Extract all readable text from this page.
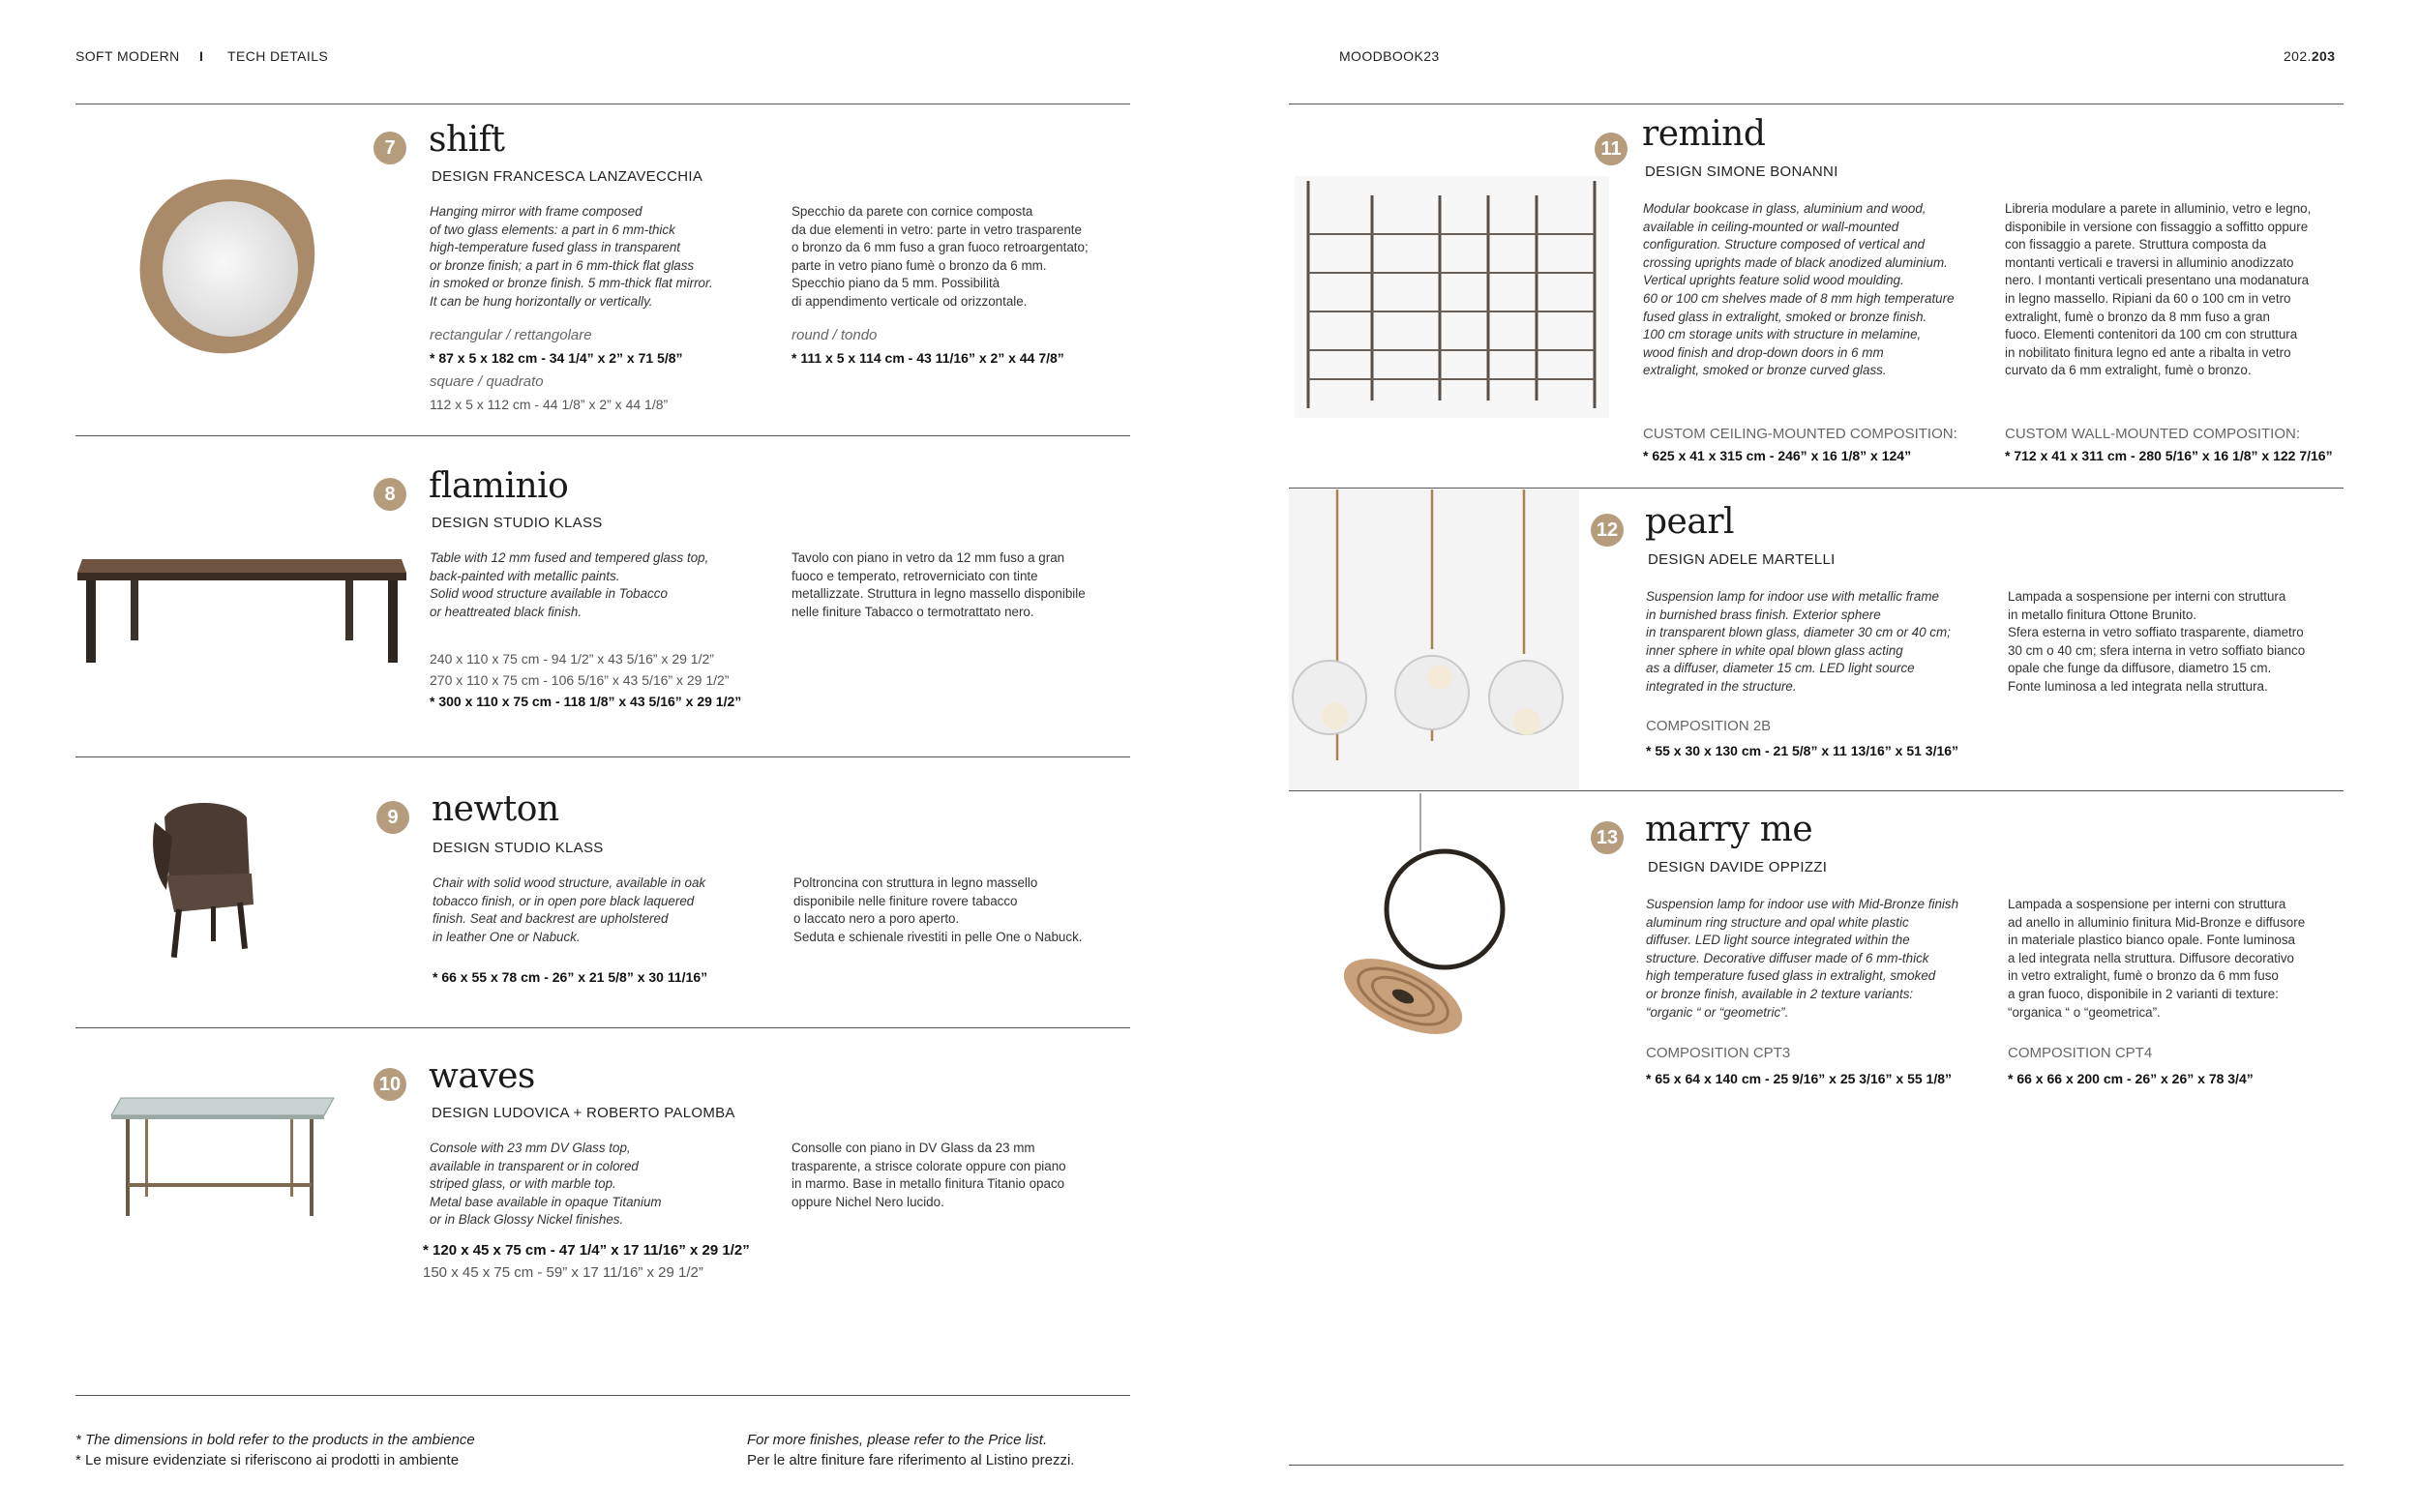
SOFT MODERN I TECH DETAILS	MOODBOOK23	202.203
7 shift
DESIGN FRANCESCA LANZAVECCHIA
Hanging mirror with frame composed
of two glass elements: a part in 6 mm-thick
high-temperature fused glass in transparent
or bronze finish; a part in 6 mm-thick flat glass
in smoked or bronze finish. 5 mm-thick flat mirror.
It can be hung horizontally or vertically.
Specchio da parete con cornice composta
da due elementi in vetro: parte in vetro trasparente
o bronzo da 6 mm fuso a gran fuoco retroargentato;
parte in vetro piano fumè o bronzo da 6 mm.
Specchio piano da 5 mm. Possibilità
di appendimento verticale od orizzontale.
rectangular / rettangolare
* 87 x 5 x 182 cm - 34 1/4” x 2” x 71 5/8”
square / quadrato
112 x 5 x 112 cm - 44 1/8” x 2” x 44 1/8”
round / tondo
* 111 x 5 x 114 cm - 43 11/16” x 2” x 44 7/8”
8 flaminio
DESIGN STUDIO KLASS
Table with 12 mm fused and tempered glass top,
back-painted with metallic paints.
Solid wood structure available in Tobacco
or heattreated black finish.
Tavolo con piano in vetro da 12 mm fuso a gran
fuoco e temperato, retroverniciato con tinte
metallizzate. Struttura in legno massello disponibile
nelle finiture Tabacco o termotrattato nero.
240 x 110 x 75 cm - 94 1/2” x 43 5/16” x 29 1/2”
270 x 110 x 75 cm - 106 5/16” x 43 5/16” x 29 1/2”
* 300 x 110 x 75 cm - 118 1/8” x 43 5/16” x 29 1/2”
9 newton
DESIGN STUDIO KLASS
Chair with solid wood structure, available in oak
tobacco finish, or in open pore black laquered
finish. Seat and backrest are upholstered
in leather One or Nabuck.
Poltroncina con struttura in legno massello
disponibile nelle finiture rovere tabacco
o laccato nero a poro aperto.
Seduta e schienale rivestiti in pelle One o Nabuck.
* 66 x 55 x 78 cm - 26” x 21 5/8” x 30 11/16”
10 waves
DESIGN LUDOVICA + ROBERTO PALOMBA
Console with 23 mm DV Glass top,
available in transparent or in colored
striped glass, or with marble top.
Metal base available in opaque Titanium
or in Black Glossy Nickel finishes.
Consolle con piano in DV Glass da 23 mm
trasparente, a strisce colorate oppure con piano
in marmo. Base in metallo finitura Titanio opaco
oppure Nichel Nero lucido.
* 120 x 45 x 75 cm - 47 1/4” x 17 11/16” x 29 1/2”
150 x 45 x 75 cm - 59” x 17 11/16” x 29 1/2”
* The dimensions in bold refer to the products in the ambience
* Le misure evidenziate si riferiscono ai prodotti in ambiente
For more finishes, please refer to the Price list.
Per le altre finiture fare riferimento al Listino prezzi.
11 remind
DESIGN SIMONE BONANNI
Modular bookcase in glass, aluminium and wood,
available in ceiling-mounted or wall-mounted
configuration. Structure composed of vertical and
crossing uprights made of black anodized aluminium.
Vertical uprights feature solid wood moulding.
60 or 100 cm shelves made of 8 mm high temperature
fused glass in extralight, smoked or bronze finish.
100 cm storage units with structure in melamine,
wood finish and drop-down doors in 6 mm
extralight, smoked or bronze curved glass.
Libreria modulare a parete in alluminio, vetro e legno,
disponibile in versione con fissaggio a soffitto oppure
con fissaggio a parete. Struttura composta da
montanti verticali e traversi in alluminio anodizzato
nero. I montanti verticali presentano una modanatura
in legno massello. Ripiani da 60 o 100 cm in vetro
extralight, fumè o bronzo da 8 mm fuso a gran
fuoco. Elementi contenitori da 100 cm con struttura
in nobilitato finitura legno ed ante a ribalta in vetro
curvato da 6 mm extralight, fumè o bronzo.
CUSTOM CEILING-MOUNTED COMPOSITION:
* 625 x 41 x 315 cm - 246” x 16 1/8” x 124”
CUSTOM WALL-MOUNTED COMPOSITION:
* 712 x 41 x 311 cm - 280 5/16” x 16 1/8” x 122 7/16”
12 pearl
DESIGN ADELE MARTELLI
Suspension lamp for indoor use with metallic frame
in burnished brass finish. Exterior sphere
in transparent blown glass, diameter 30 cm or 40 cm;
inner sphere in white opal blown glass acting
as a diffuser, diameter 15 cm. LED light source
integrated in the structure.
Lampada a sospensione per interni con struttura
in metallo finitura Ottone Brunito.
Sfera esterna in vetro soffiato trasparente, diametro
30 cm o 40 cm; sfera interna in vetro soffiato bianco
opale che funge da diffusore, diametro 15 cm.
Fonte luminosa a led integrata nella struttura.
COMPOSITION 2B
* 55 x 30 x 130 cm - 21 5/8” x 11 13/16” x 51 3/16”
13 marry me
DESIGN DAVIDE OPPIZZI
Suspension lamp for indoor use with Mid-Bronze finish
aluminum ring structure and opal white plastic
diffuser. LED light source integrated within the
structure. Decorative diffuser made of 6 mm-thick
high temperature fused glass in extralight, smoked
or bronze finish, available in 2 texture variants:
“organic “ or “geometric”.
Lampada a sospensione per interni con struttura
ad anello in alluminio finitura Mid-Bronze e diffusore
in materiale plastico bianco opale. Fonte luminosa
a led integrata nella struttura. Diffusore decorativo
in vetro extralight, fumè o bronzo da 6 mm fuso
a gran fuoco, disponibile in 2 varianti di texture:
“organica “ o “geometrica”.
COMPOSITION CPT3
* 65 x 64 x 140 cm - 25 9/16” x 25 3/16” x 55 1/8”
COMPOSITION CPT4
* 66 x 66 x 200 cm - 26” x 26” x 78 3/4”
